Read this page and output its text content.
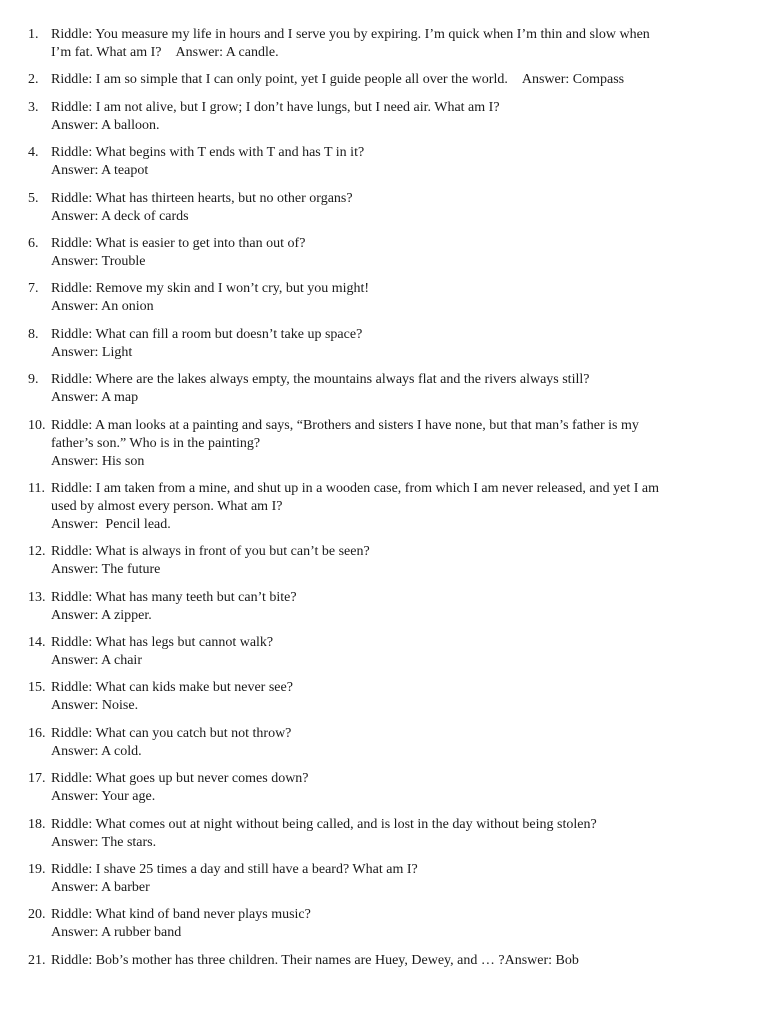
1. Riddle: You measure my life in hours and I serve you by expiring. I’m quick when I’m thin and slow when I’m fat. What am I? Answer: A candle.
2. Riddle: I am so simple that I can only point, yet I guide people all over the world. Answer: Compass
3. Riddle: I am not alive, but I grow; I don’t have lungs, but I need air. What am I?
Answer: A balloon.
4. Riddle: What begins with T ends with T and has T in it?
Answer: A teapot
5. Riddle: What has thirteen hearts, but no other organs?
Answer: A deck of cards
6. Riddle: What is easier to get into than out of?
Answer: Trouble
7. Riddle: Remove my skin and I won’t cry, but you might!
Answer: An onion
8. Riddle: What can fill a room but doesn’t take up space?
Answer: Light
9. Riddle: Where are the lakes always empty, the mountains always flat and the rivers always still?
Answer: A map
10. Riddle: A man looks at a painting and says, “Brothers and sisters I have none, but that man’s father is my father’s son.” Who is in the painting?
Answer: His son
11. Riddle: I am taken from a mine, and shut up in a wooden case, from which I am never released, and yet I am used by almost every person. What am I?
Answer:  Pencil lead.
12. Riddle: What is always in front of you but can’t be seen?
Answer: The future
13. Riddle: What has many teeth but can’t bite?
Answer: A zipper.
14. Riddle: What has legs but cannot walk?
Answer: A chair
15. Riddle: What can kids make but never see?
Answer: Noise.
16. Riddle: What can you catch but not throw?
Answer: A cold.
17. Riddle: What goes up but never comes down?
Answer: Your age.
18. Riddle: What comes out at night without being called, and is lost in the day without being stolen?
Answer: The stars.
19. Riddle: I shave 25 times a day and still have a beard? What am I?
Answer: A barber
20. Riddle: What kind of band never plays music?
Answer: A rubber band
21. Riddle: Bob’s mother has three children. Their names are Huey, Dewey, and … ?Answer: Bob
